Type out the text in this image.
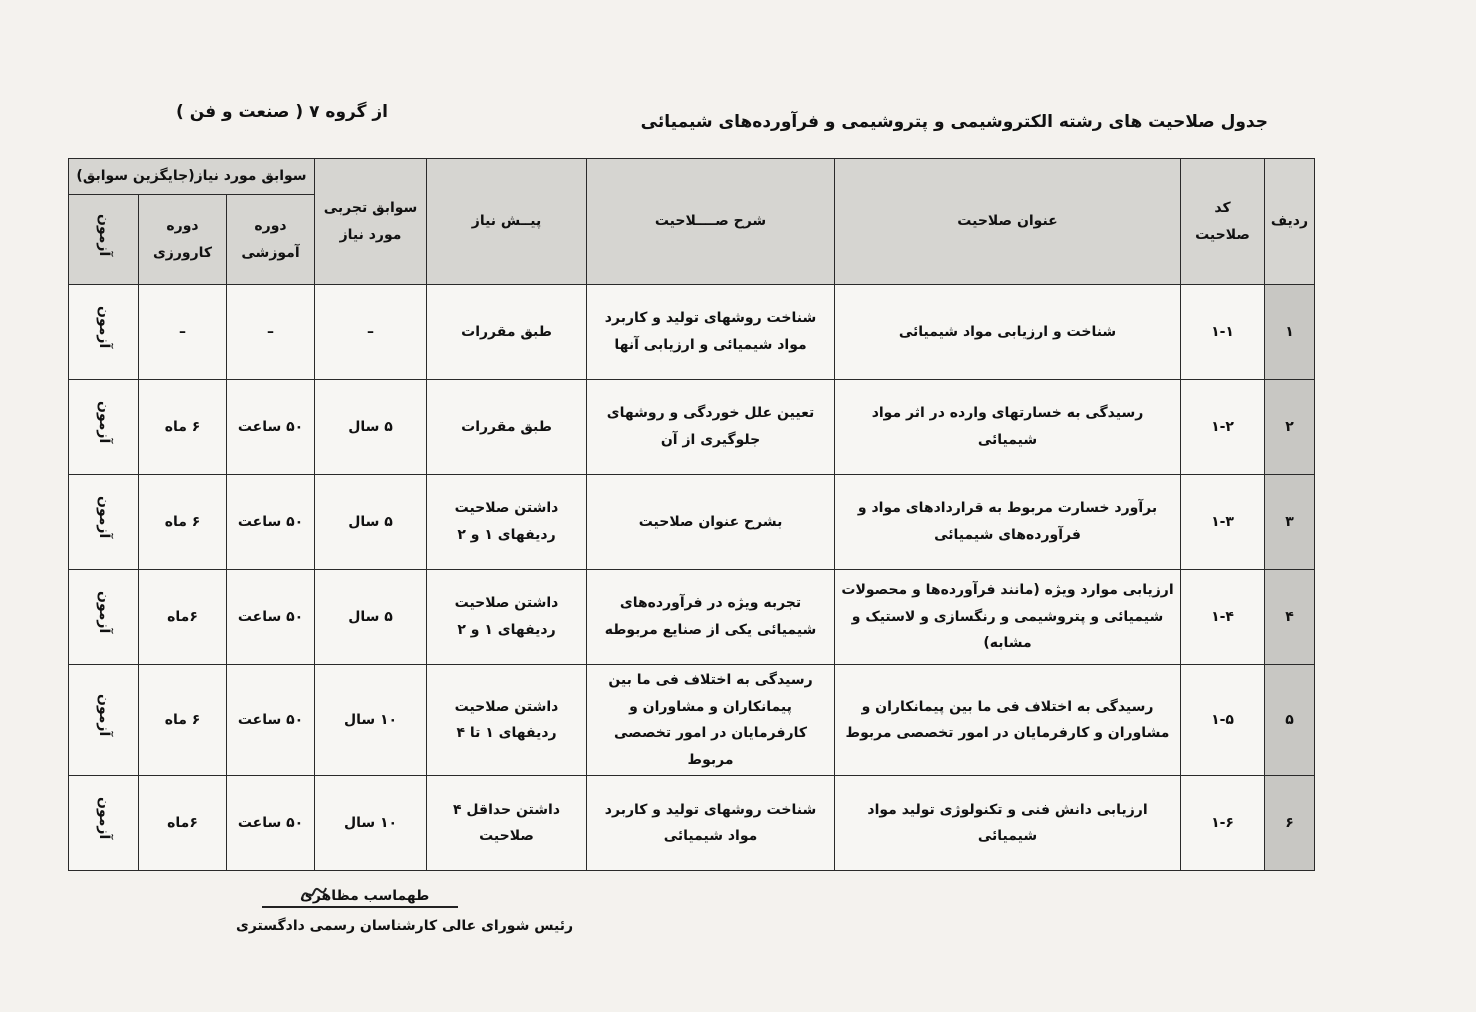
جدول صلاحیت های رشته الکتروشیمی و پتروشیمی و فرآورده‌های شیمیائی
از گروه ۷ ( صنعت و فن )
ردیف	کد صلاحیت	عنوان صلاحیت	شرح صــــلاحیت	پیــش نیاز	سوابق تجربی مورد نیاز	سوابق مورد نیاز(جایگزین سوابق)		
						دوره آموزشی	دوره کارورزی	آزمون
۱	۱-۱	شناخت و ارزیابی مواد شیمیائی	شناخت روشهای تولید و کاربرد مواد شیمیائی و ارزیابی آنها	طبق مقررات	–	–	–	آزمون
۲	۱-۲	رسیدگی به خسارتهای وارده در اثر مواد شیمیائی	تعیین علل خوردگی و روشهای جلوگیری از آن	طبق مقررات	۵ سال	۵۰ ساعت	۶ ماه	آزمون
۳	۱-۳	برآورد خسارت مربوط به قراردادهای مواد و فرآورده‌های شیمیائی	بشرح عنوان صلاحیت	داشتن صلاحیت ردیفهای ۱ و ۲	۵ سال	۵۰ ساعت	۶ ماه	آزمون
۴	۱-۴	ارزیابی موارد ویژه (مانند فرآورده‌ها و محصولات شیمیائی و پتروشیمی و رنگسازی و لاستیک و مشابه)	تجربه ویژه در فرآورده‌های شیمیائی یکی از صنایع مربوطه	داشتن صلاحیت ردیفهای ۱ و ۲	۵ سال	۵۰ ساعت	۶ماه	آزمون
۵	۱-۵	رسیدگی به اختلاف فی ما بین پیمانکاران و مشاوران و کارفرمایان در امور تخصصی مربوط	رسیدگی به اختلاف فی ما بین پیمانکاران و مشاوران و کارفرمایان در امور تخصصی مربوط	داشتن صلاحیت ردیفهای ۱ تا ۴	۱۰ سال	۵۰ ساعت	۶ ماه	آزمون
۶	۱-۶	ارزیابی دانش فنی و تکنولوژی تولید مواد شیمیائی	شناخت روشهای تولید و کاربرد مواد شیمیائی	داشتن حداقل ۴ صلاحیت	۱۰ سال	۵۰ ساعت	۶ماه	آزمون
طهماسب مظاهری
رئیس شورای عالی کارشناسان رسمی دادگستری
